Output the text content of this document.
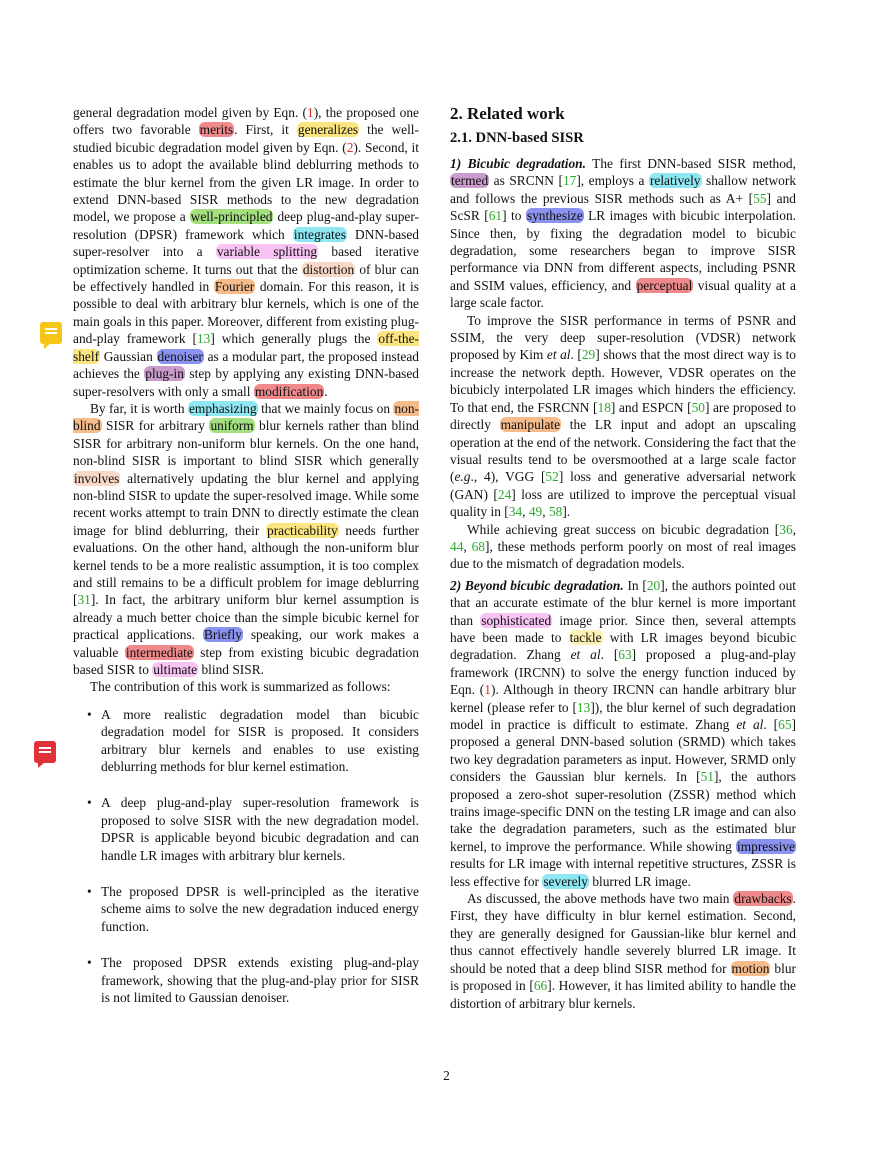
general degradation model given by Eqn. (1), the proposed one offers two favorable merits. First, it generalizes the well-studied bicubic degradation model given by Eqn. (2). Second, it enables us to adopt the available blind deblurring methods to estimate the blur kernel from the given LR image. In order to extend DNN-based SISR methods to the new degradation model, we propose a well-principled deep plug-and-play super-resolution (DPSR) framework which integrates DNN-based super-resolver into a variable splitting based iterative optimization scheme. It turns out that the distortion of blur can be effectively handled in Fourier domain. For this reason, it is possible to deal with arbitrary blur kernels, which is one of the main goals in this paper. Moreover, different from existing plug-and-play framework [13] which generally plugs the off-the-shelf Gaussian denoiser as a modular part, the proposed instead achieves the plug-in step by applying any existing DNN-based super-resolvers with only a small modification.

By far, it is worth emphasizing that we mainly focus on non-blind SISR for arbitrary uniform blur kernels rather than blind SISR for arbitrary non-uniform blur kernels. On the one hand, non-blind SISR is important to blind SISR which generally involves alternatively updating the blur kernel and applying non-blind SISR to update the super-resolved image. While some recent works attempt to train DNN to directly estimate the clean image for blind deblurring, their practicability needs further evaluations. On the other hand, although the non-uniform blur kernel tends to be a more realistic assumption, it is too complex and still remains to be a difficult problem for image deblurring [31]. In fact, the arbitrary uniform blur kernel assumption is already a much better choice than the simple bicubic kernel for practical applications. Briefly speaking, our work makes a valuable intermediate step from existing bicubic degradation based SISR to ultimate blind SISR.

The contribution of this work is summarized as follows:

• A more realistic degradation model than bicubic degradation model for SISR is proposed. It considers arbitrary blur kernels and enables to use existing deblurring methods for blur kernel estimation.
• A deep plug-and-play super-resolution framework is proposed to solve SISR with the new degradation model. DPSR is applicable beyond bicubic degradation and can handle LR images with arbitrary blur kernels.
• The proposed DPSR is well-principled as the iterative scheme aims to solve the new degradation induced energy function.
• The proposed DPSR extends existing plug-and-play framework, showing that the plug-and-play prior for SISR is not limited to Gaussian denoiser.
2. Related work
2.1. DNN-based SISR

1) Bicubic degradation. The first DNN-based SISR method, termed as SRCNN [17], employs a relatively shallow network and follows the previous SISR methods such as A+ [55] and ScSR [61] to synthesize LR images with bicubic interpolation. Since then, by fixing the degradation model to bicubic degradation, some researchers began to improve SISR performance via DNN from different aspects, including PSNR and SSIM values, efficiency, and perceptual visual quality at a large scale factor.

To improve the SISR performance in terms of PSNR and SSIM, the very deep super-resolution (VDSR) network proposed by Kim et al. [29] shows that the most direct way is to increase the network depth. However, VDSR operates on the bicubicly interpolated LR images which hinders the efficiency. To that end, the FSRCNN [18] and ESPCN [50] are proposed to directly manipulate the LR input and adopt an upscaling operation at the end of the network. Considering the fact that the visual results tend to be oversmoothed at a large scale factor (e.g., 4), VGG [52] loss and generative adversarial network (GAN) [24] loss are utilized to improve the perceptual visual quality in [34, 49, 58].

While achieving great success on bicubic degradation [36, 44, 68], these methods perform poorly on most of real images due to the mismatch of degradation models.

2) Beyond bicubic degradation. In [20], the authors pointed out that an accurate estimate of the blur kernel is more important than sophisticated image prior. Since then, several attempts have been made to tackle with LR images beyond bicubic degradation. Zhang et al. [63] proposed a plug-and-play framework (IRCNN) to solve the energy function induced by Eqn. (1). Although in theory IRCNN can handle arbitrary blur kernel (please refer to [13]), the blur kernel of such degradation model in practice is difficult to estimate. Zhang et al. [65] proposed a general DNN-based solution (SRMD) which takes two key degradation parameters as input. However, SRMD only considers the Gaussian blur kernels. In [51], the authors proposed a zero-shot super-resolution (ZSSR) method which trains image-specific DNN on the testing LR image and can also take the degradation parameters, such as the estimated blur kernel, to improve the performance. While showing impressive results for LR image with internal repetitive structures, ZSSR is less effective for severely blurred LR image.

As discussed, the above methods have two main drawbacks. First, they have difficulty in blur kernel estimation. Second, they are generally designed for Gaussian-like blur kernel and thus cannot effectively handle severely blurred LR image. It should be noted that a deep blind SISR method for motion blur is proposed in [66]. However, it has limited ability to handle the distortion of arbitrary blur kernels.

2
